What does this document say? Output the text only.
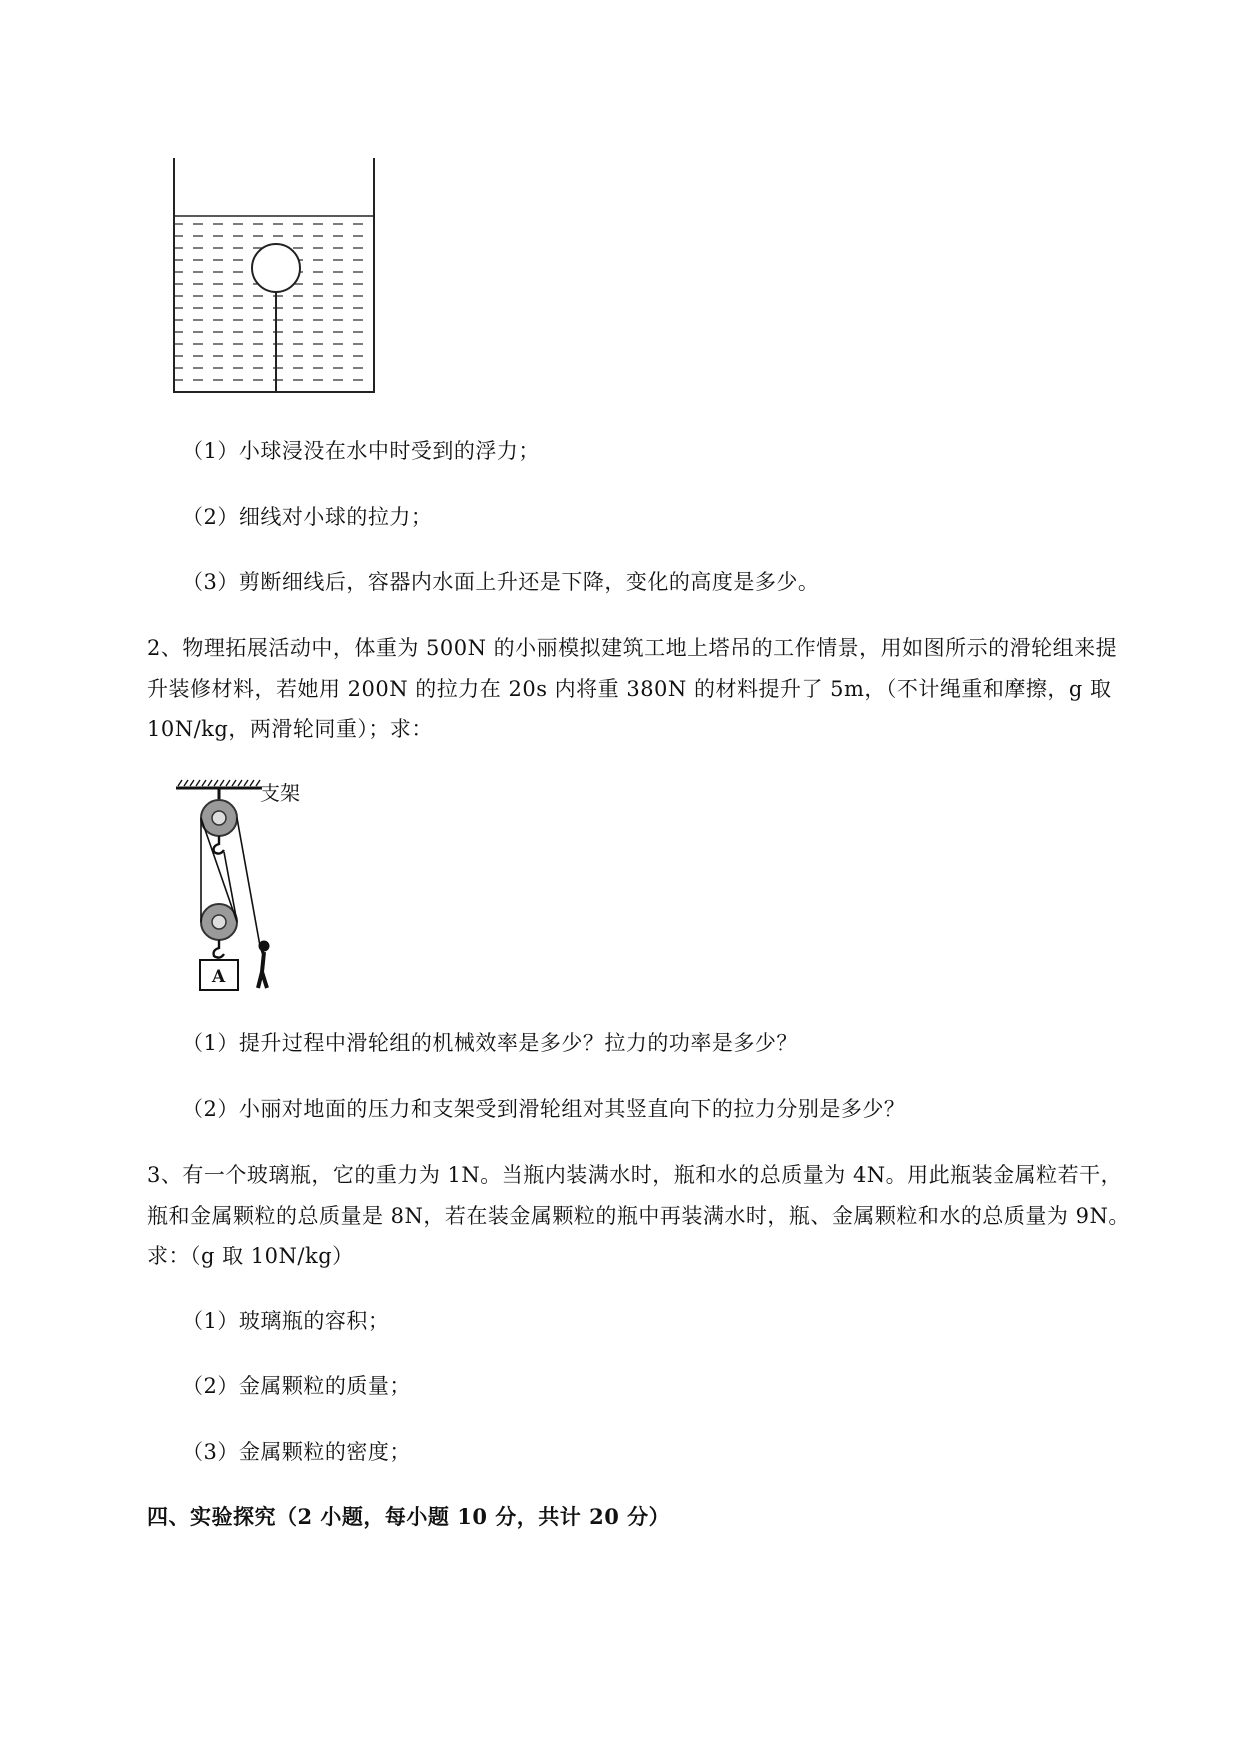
（1）小球浸没在水中时受到的浮力；
（2）细线对小球的拉力；
（3）剪断细线后，容器内水面上升还是下降，变化的高度是多少。
2、物理拓展活动中，体重为 500N 的小丽模拟建筑工地上塔吊的工作情景，用如图所示的滑轮组来提
升装修材料，若她用 200N 的拉力在 20s 内将重 380N 的材料提升了 5m，（不计绳重和摩擦，g 取
10N/kg，两滑轮同重）；求：
支架
A
（1）提升过程中滑轮组的机械效率是多少？拉力的功率是多少？
（2）小丽对地面的压力和支架受到滑轮组对其竖直向下的拉力分别是多少？
3、有一个玻璃瓶，它的重力为 1N。当瓶内装满水时，瓶和水的总质量为 4N。用此瓶装金属粒若干，
瓶和金属颗粒的总质量是 8N，若在装金属颗粒的瓶中再装满水时，瓶、金属颗粒和水的总质量为 9N。
求：（g 取 10N/kg）
（1）玻璃瓶的容积；
（2）金属颗粒的质量；
（3）金属颗粒的密度；
四、实验探究（2 小题，每小题 10 分，共计 20 分）
